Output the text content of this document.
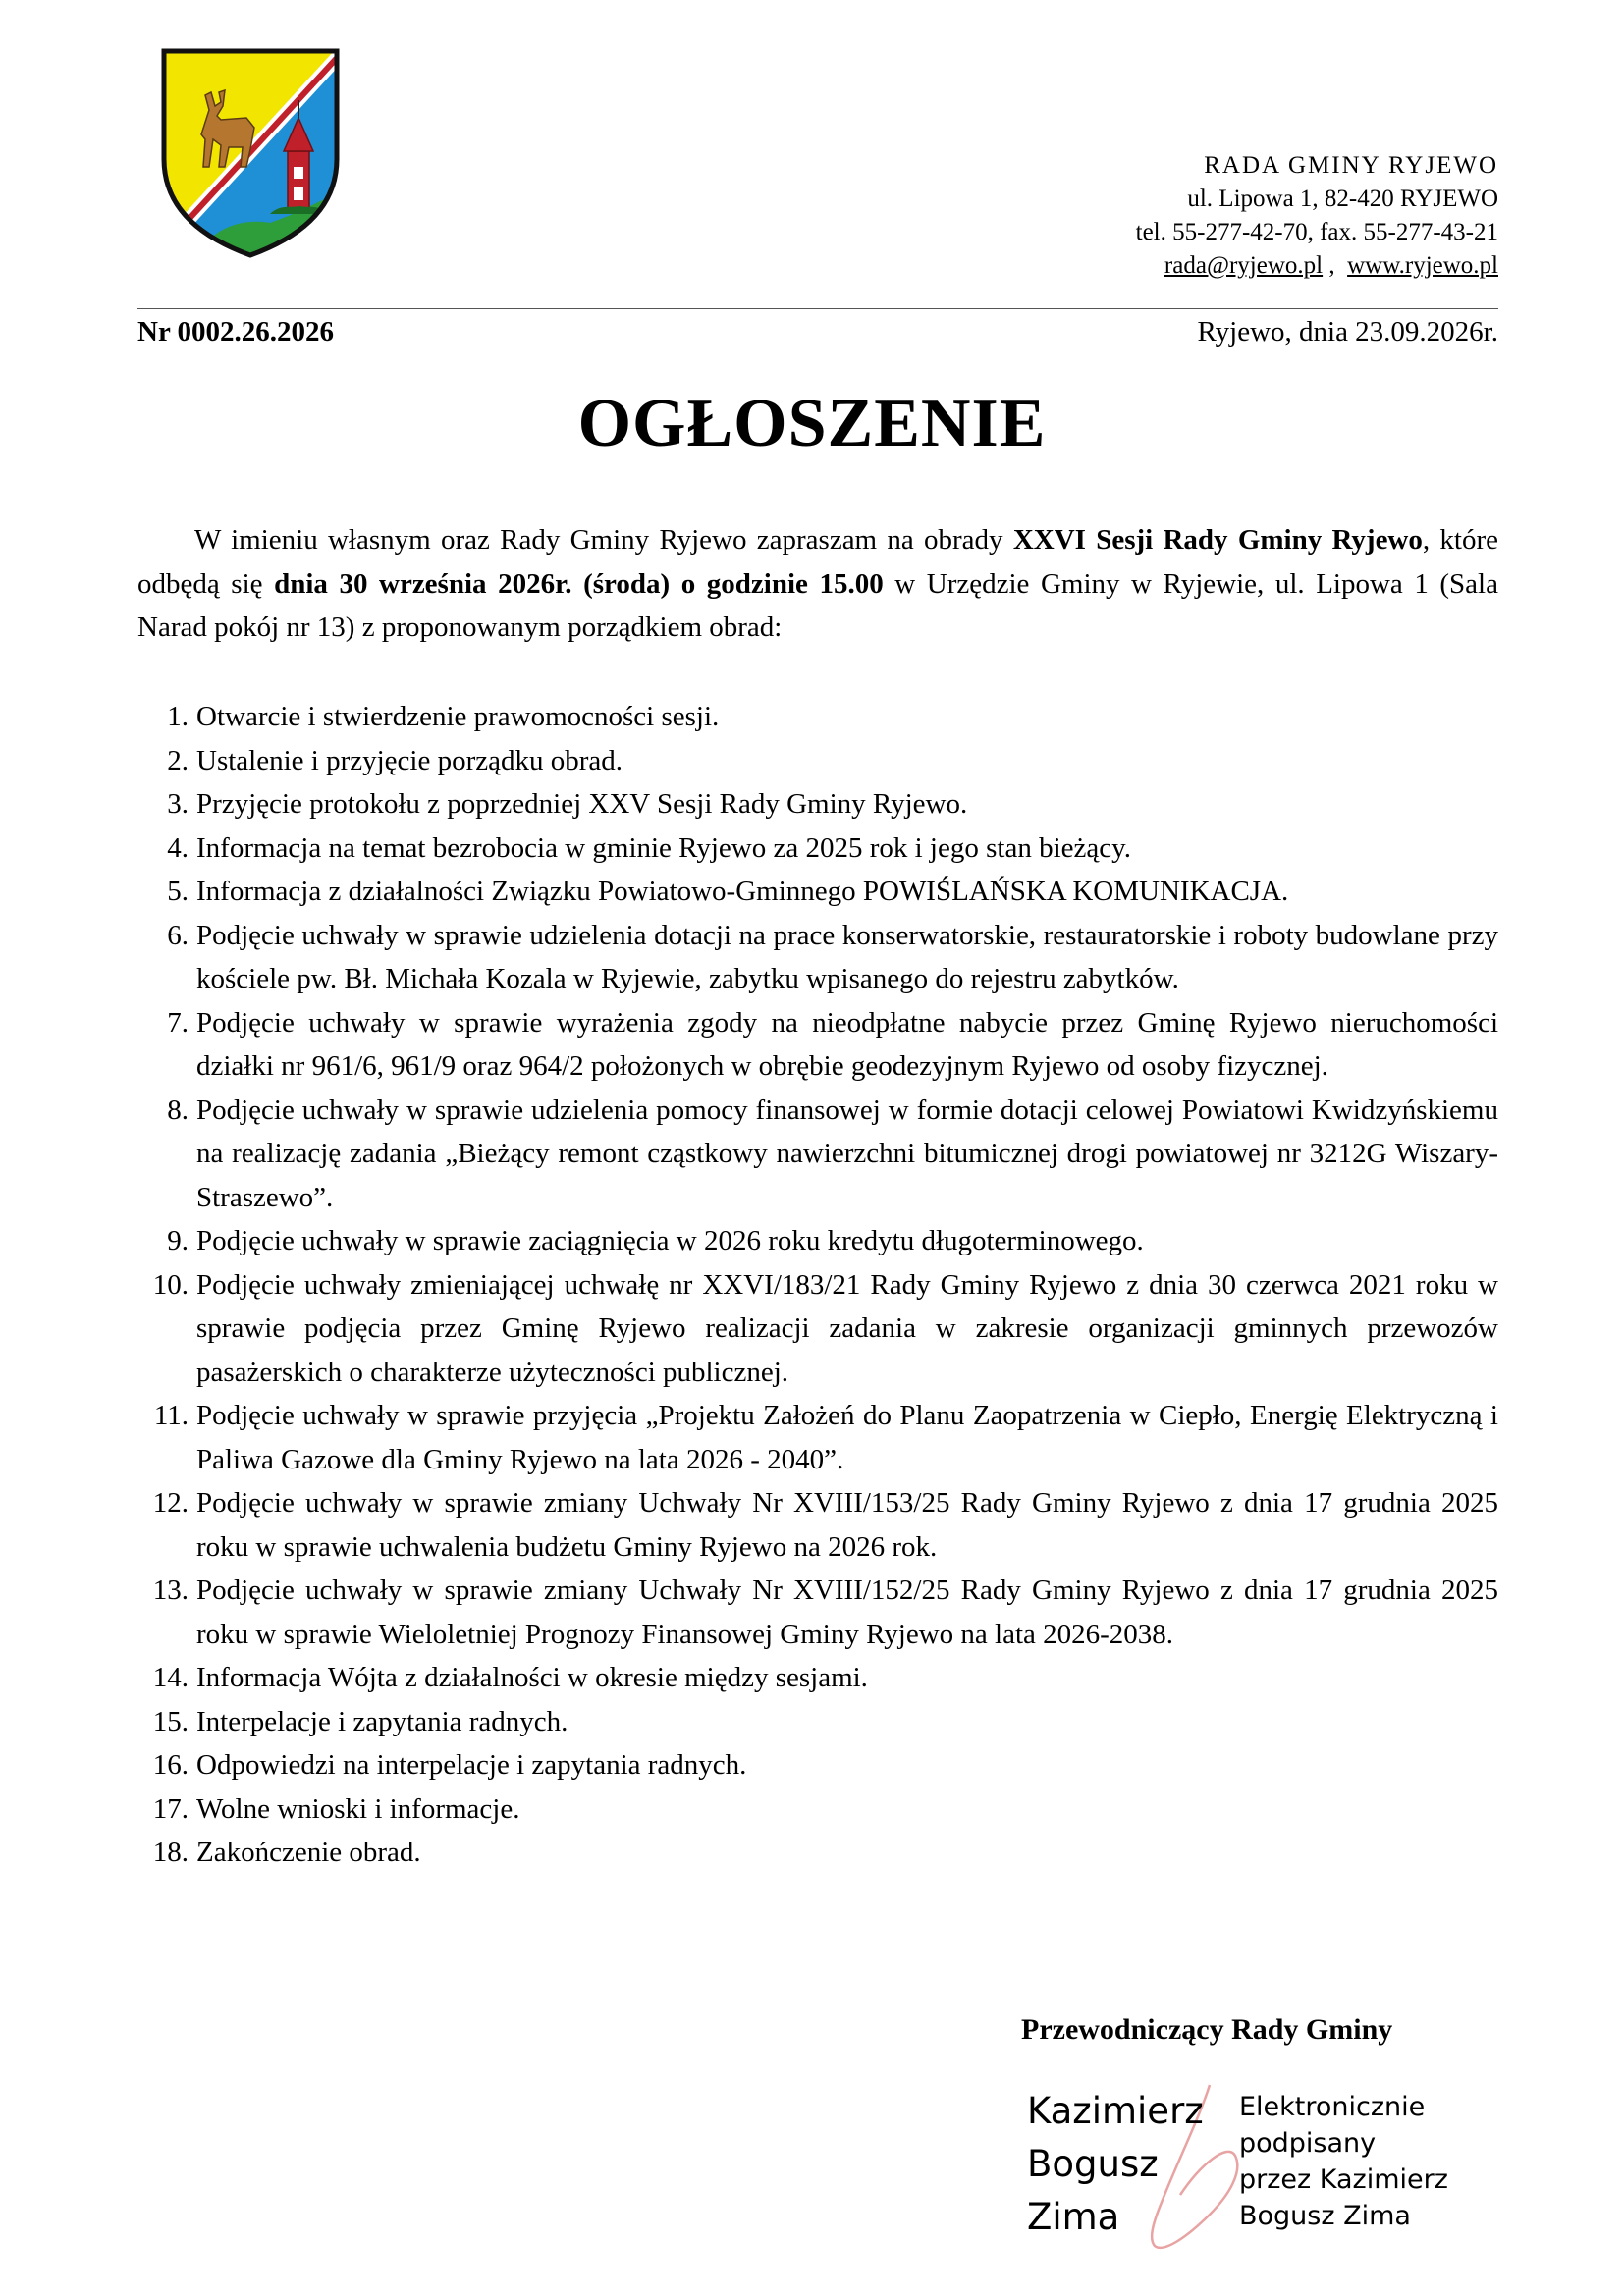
RADA GMINY RYJEWO
ul. Lipowa 1, 82-420 RYJEWO
tel. 55-277-42-70, fax. 55-277-43-21
rada@ryjewo.pl ,  www.ryjewo.pl
Nr 0002.26.2026	Ryjewo, dnia 23.09.2026r.
OGŁOSZENIE

W imieniu własnym oraz Rady Gminy Ryjewo zapraszam na obrady XXVI Sesji Rady Gminy Ryjewo, które odbędą się dnia 30 września 2026r. (środa) o godzinie 15.00 w Urzędzie Gminy w Ryjewie, ul. Lipowa 1 (Sala Narad pokój nr 13) z proponowanym porządkiem obrad:

1. Otwarcie i stwierdzenie prawomocności sesji.
2. Ustalenie i przyjęcie porządku obrad.
3. Przyjęcie protokołu z poprzedniej XXV Sesji Rady Gminy Ryjewo.
4. Informacja na temat bezrobocia w gminie Ryjewo za 2025 rok i jego stan bieżący.
5. Informacja z działalności Związku Powiatowo-Gminnego POWIŚLAŃSKA KOMUNIKACJA.
6. Podjęcie uchwały w sprawie udzielenia dotacji na prace konserwatorskie, restauratorskie i roboty budowlane przy kościele pw. Bł. Michała Kozala w Ryjewie, zabytku wpisanego do rejestru zabytków.
7. Podjęcie uchwały w sprawie wyrażenia zgody na nieodpłatne nabycie przez Gminę Ryjewo nieruchomości działki nr 961/6, 961/9 oraz 964/2 położonych w obrębie geodezyjnym Ryjewo od osoby fizycznej.
8. Podjęcie uchwały w sprawie udzielenia pomocy finansowej w formie dotacji celowej Powiatowi Kwidzyńskiemu na realizację zadania „Bieżący remont cząstkowy nawierzchni bitumicznej drogi powiatowej nr 3212G Wiszary-Straszewo”.
9. Podjęcie uchwały w sprawie zaciągnięcia w 2026 roku kredytu długoterminowego.
10. Podjęcie uchwały zmieniającej uchwałę nr XXVI/183/21 Rady Gminy Ryjewo z dnia 30 czerwca 2021 roku w sprawie podjęcia przez Gminę Ryjewo realizacji zadania w zakresie organizacji gminnych przewozów pasażerskich o charakterze użyteczności publicznej.
11. Podjęcie uchwały w sprawie przyjęcia „Projektu Założeń do Planu Zaopatrzenia w Ciepło, Energię Elektryczną i Paliwa Gazowe dla Gminy Ryjewo na lata 2026 - 2040”.
12. Podjęcie uchwały w sprawie zmiany Uchwały Nr XVIII/153/25 Rady Gminy Ryjewo z dnia 17 grudnia 2025 roku w sprawie uchwalenia budżetu Gminy Ryjewo na 2026 rok.
13. Podjęcie uchwały w sprawie zmiany Uchwały Nr XVIII/152/25 Rady Gminy Ryjewo z dnia 17 grudnia 2025 roku w sprawie Wieloletniej Prognozy Finansowej Gminy Ryjewo na lata 2026-2038.
14. Informacja Wójta z działalności w okresie między sesjami.
15. Interpelacje i zapytania radnych.
16. Odpowiedzi na interpelacje i zapytania radnych.
17. Wolne wnioski i informacje.
18. Zakończenie obrad.
Przewodniczący Rady Gminy
Kazimierz
Bogusz
Zima
Elektronicznie
podpisany
przez Kazimierz
Bogusz Zima
